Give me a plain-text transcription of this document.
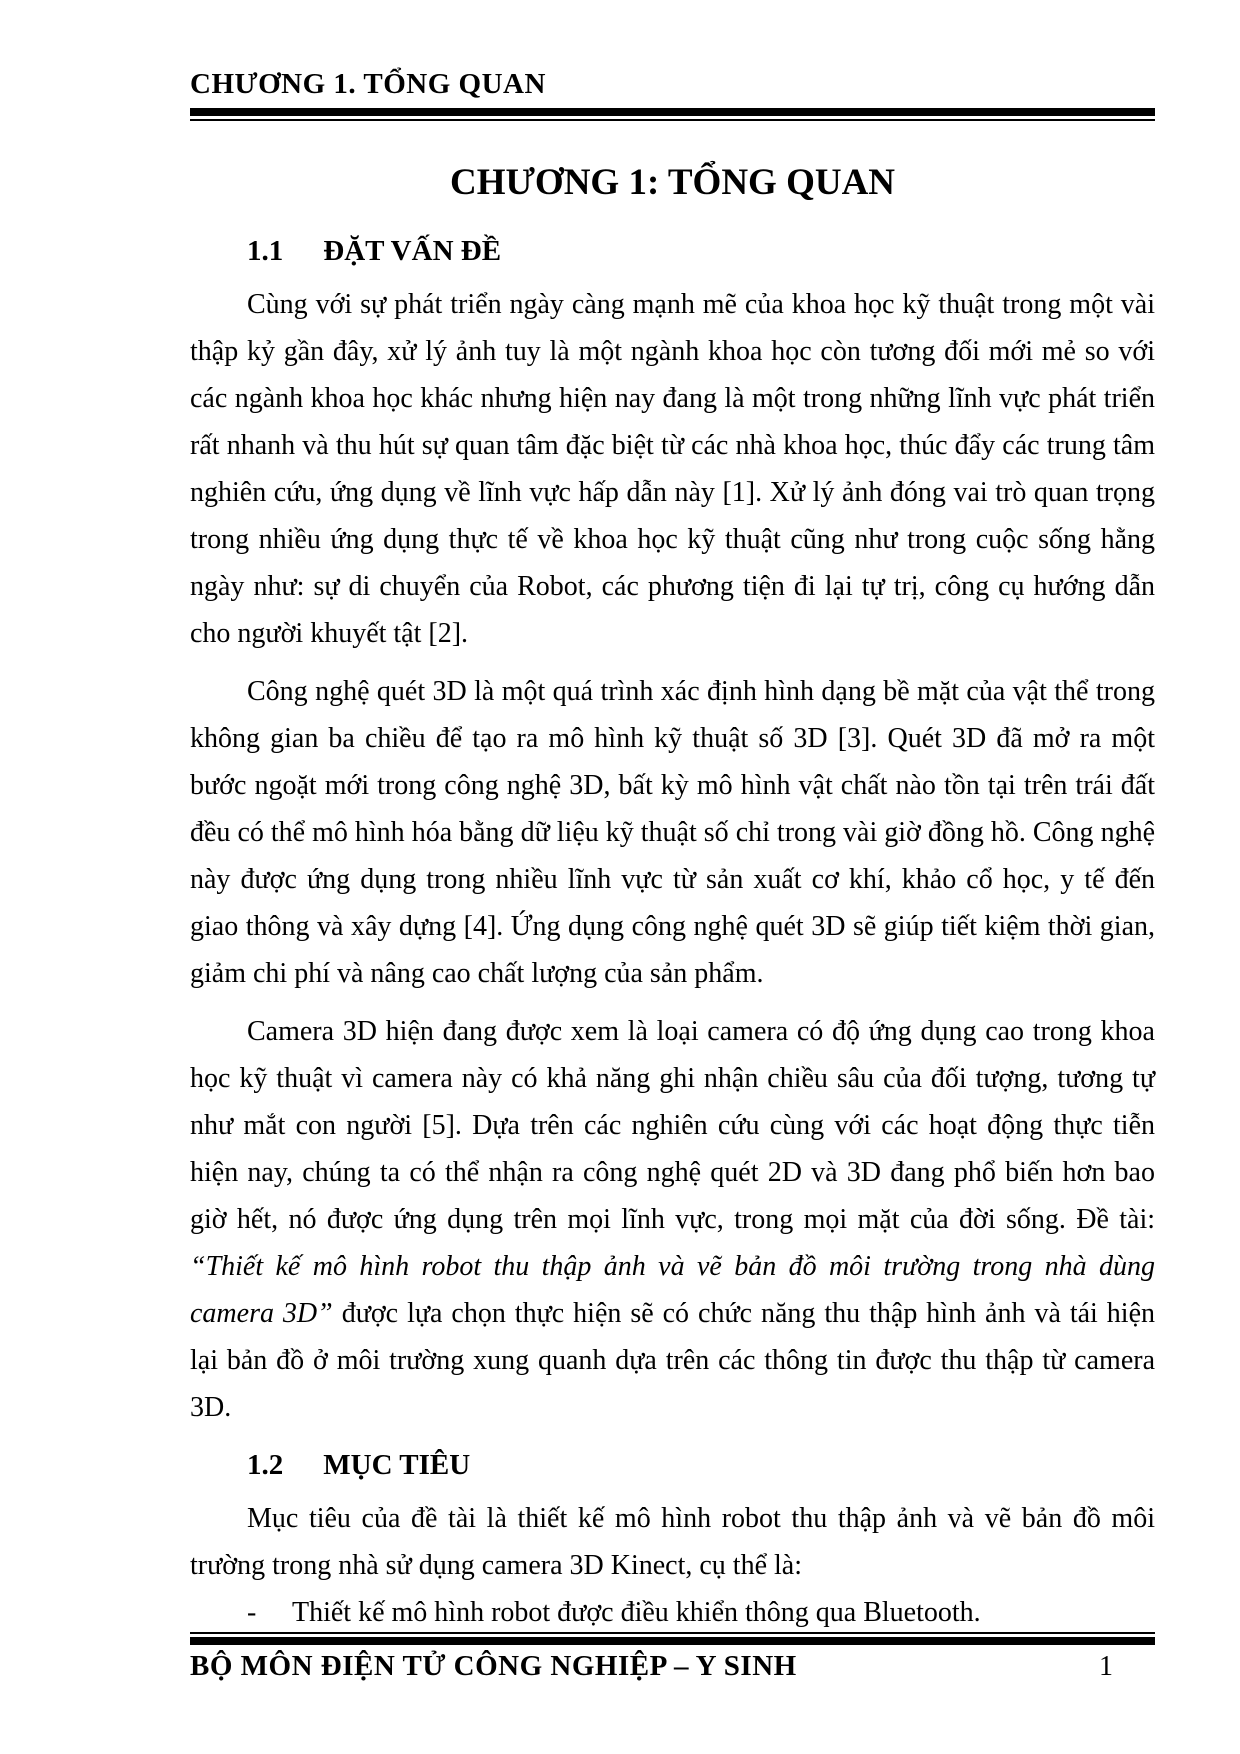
CHƯƠNG 1. TỔNG QUAN
CHƯƠNG 1: TỔNG QUAN
1.1 ĐẶT VẤN ĐỀ

Cùng với sự phát triển ngày càng mạnh mẽ của khoa học kỹ thuật trong một vài thập kỷ gần đây, xử lý ảnh tuy là một ngành khoa học còn tương đối mới mẻ so với các ngành khoa học khác nhưng hiện nay đang là một trong những lĩnh vực phát triển rất nhanh và thu hút sự quan tâm đặc biệt từ các nhà khoa học, thúc đẩy các trung tâm nghiên cứu, ứng dụng về lĩnh vực hấp dẫn này [1]. Xử lý ảnh đóng vai trò quan trọng trong nhiều ứng dụng thực tế về khoa học kỹ thuật cũng như trong cuộc sống hằng ngày như: sự di chuyển của Robot, các phương tiện đi lại tự trị, công cụ hướng dẫn cho người khuyết tật [2].

Công nghệ quét 3D là một quá trình xác định hình dạng bề mặt của vật thể trong không gian ba chiều để tạo ra mô hình kỹ thuật số 3D [3]. Quét 3D đã mở ra một bước ngoặt mới trong công nghệ 3D, bất kỳ mô hình vật chất nào tồn tại trên trái đất đều có thể mô hình hóa bằng dữ liệu kỹ thuật số chỉ trong vài giờ đồng hồ. Công nghệ này được ứng dụng trong nhiều lĩnh vực từ sản xuất cơ khí, khảo cổ học, y tế đến giao thông và xây dựng [4]. Ứng dụng công nghệ quét 3D sẽ giúp tiết kiệm thời gian, giảm chi phí và nâng cao chất lượng của sản phẩm.

Camera 3D hiện đang được xem là loại camera có độ ứng dụng cao trong khoa học kỹ thuật vì camera này có khả năng ghi nhận chiều sâu của đối tượng, tương tự như mắt con người [5]. Dựa trên các nghiên cứu cùng với các hoạt động thực tiễn hiện nay, chúng ta có thể nhận ra công nghệ quét 2D và 3D đang phổ biến hơn bao giờ hết, nó được ứng dụng trên mọi lĩnh vực, trong mọi mặt của đời sống. Đề tài: “Thiết kế mô hình robot thu thập ảnh và vẽ bản đồ môi trường trong nhà dùng camera 3D” được lựa chọn thực hiện sẽ có chức năng thu thập hình ảnh và tái hiện lại bản đồ ở môi trường xung quanh dựa trên các thông tin được thu thập từ camera 3D.

1.2 MỤC TIÊU

Mục tiêu của đề tài là thiết kế mô hình robot thu thập ảnh và vẽ bản đồ môi trường trong nhà sử dụng camera 3D Kinect, cụ thể là:

-	Thiết kế mô hình robot được điều khiển thông qua Bluetooth.
BỘ MÔN ĐIỆN TỬ CÔNG NGHIỆP – Y SINH	1
